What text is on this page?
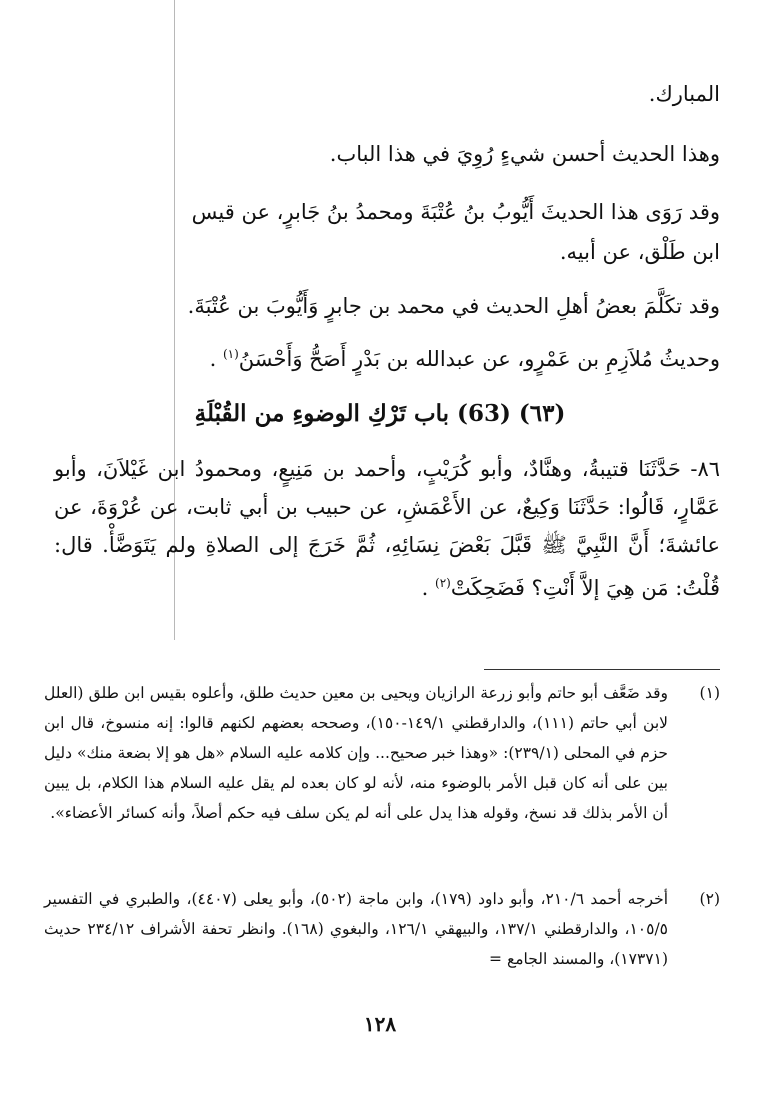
المبارك.

وهذا الحديث أحسن شيءٍ رُوِيَ في هذا الباب.

وقد رَوَى هذا الحديثَ أَيُّوبُ بنُ عُتْبَةَ ومحمدُ بنُ جَابرٍ، عن قيس

ابن طَلْق، عن أبيه.

وقد تكَلَّمَ بعضُ أهلِ الحديث في محمد بن جابرٍ وَأَيُّوبَ بن عُتْبَةَ.

وحديثُ مُلاَزِمِ بن عَمْرٍو، عن عبدالله بن بَدْرٍ أَصَحُّ وَأَحْسَنُ$^{(١)}$ .

(٦٣) (63) باب تَرْكِ الوضوءِ من القُبْلَةِ

٨٦- حَدَّثَنَا قتيبةُ، وهنَّادٌ، وأبو كُرَيْبٍ، وأحمد بن مَنِيعٍ، ومحمودُ ابن غَيْلاَنَ، وأبو عَمَّارٍ، قَالُوا: حَدَّثَنَا وَكِيعٌ، عن الأَعْمَشِ، عن حبيب بن أبي ثابت، عن عُرْوَةَ، عن عائشةَ؛ أَنَّ النَّبِيَّ ﷺ قَبَّلَ بَعْضَ نِسَائِهِ، ثُمَّ خَرَجَ إلى الصلاةِ ولم يَتَوَضَّأْ. قال: قُلْتُ: مَن هِيَ إلاَّ أَنْتِ؟ فَضَحِكَتْ$^{(٢)}$ .

(١)

وقد ضَعَّف أبو حاتم وأبو زرعة الرازيان ويحيى بن معين حديث طلق، وأعلوه بقيس ابن طلق (العلل لابن أبي حاتم (١١١)، والدارقطني ١٤٩/١-١٥٠)، وصححه بعضهم لكنهم قالوا: إنه منسوخ، قال ابن حزم في المحلى (٢٣٩/١): «وهذا خبر صحيح... وإن كلامه عليه السلام «هل هو إلا بضعة منك» دليل بين على أنه كان قبل الأمر بالوضوء منه، لأنه لو كان بعده لم يقل عليه السلام هذا الكلام، بل يبين أن الأمر بذلك قد نسخ، وقوله هذا يدل على أنه لم يكن سلف فيه حكم أصلاً، وأنه كسائر الأعضاء».

(٢)

أخرجه أحمد ٢١٠/٦، وأبو داود (١٧٩)، وابن ماجة (٥٠٢)، وأبو يعلى (٤٤٠٧)، والطبري في التفسير ١٠٥/٥، والدارقطني ١٣٧/١، والبيهقي ١٢٦/١، والبغوي (١٦٨). وانظر تحفة الأشراف ٢٣٤/١٢ حديث (١٧٣٧١)، والمسند الجامع =

١٢٨
